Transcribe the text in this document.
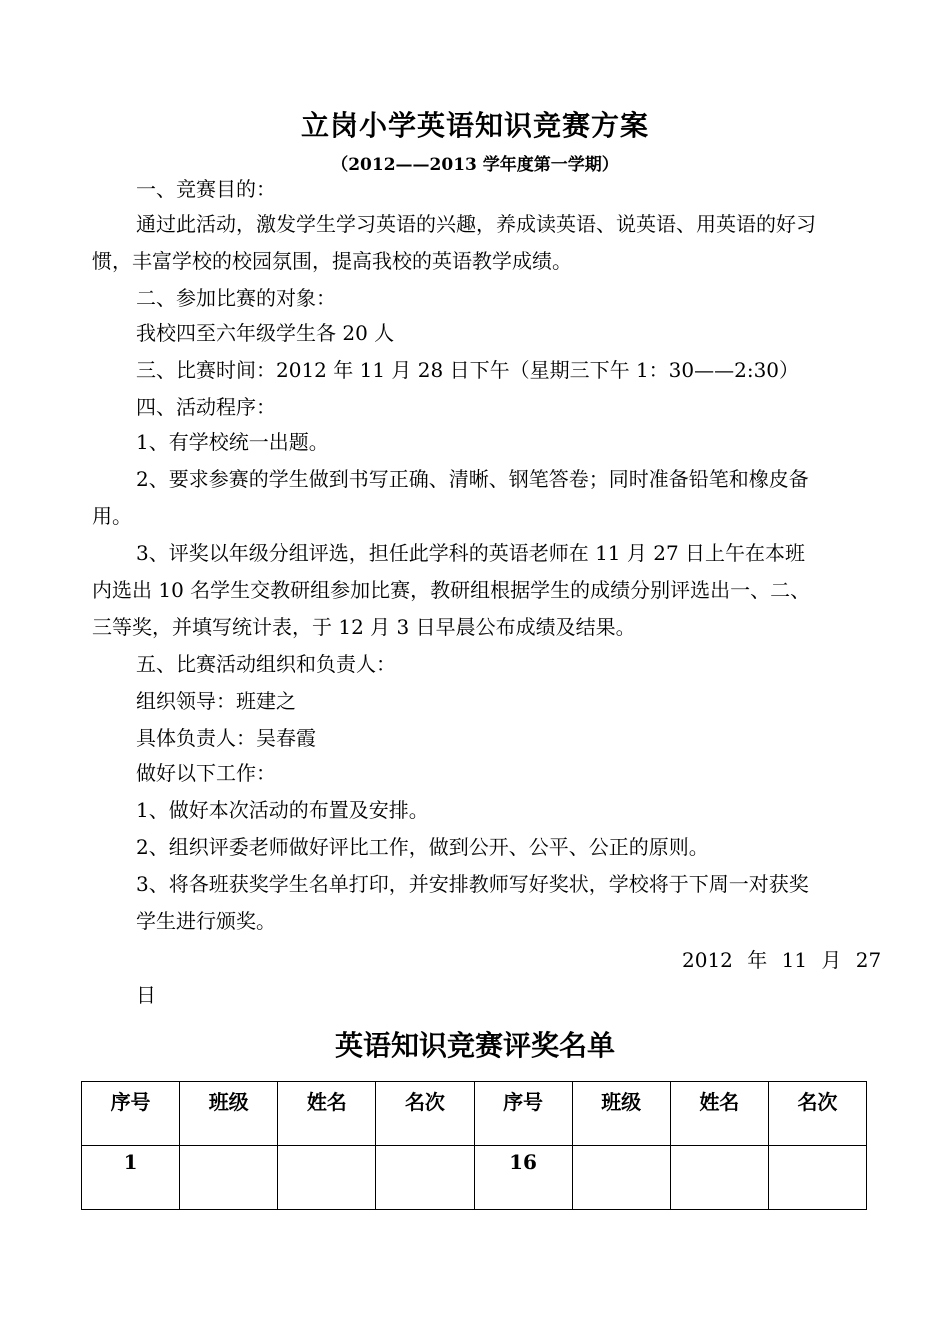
立岗小学英语知识竞赛方案
（2012——2013 学年度第一学期）
一、竞赛目的：
通过此活动，激发学生学习英语的兴趣，养成读英语、说英语、用英语的好习
惯，丰富学校的校园氛围，提高我校的英语教学成绩。
二、参加比赛的对象：
我校四至六年级学生各 20 人
三、比赛时间：2012 年 11 月 28 日下午（星期三下午 1：30——2:30）
四、活动程序：
1、有学校统一出题。
2、要求参赛的学生做到书写正确、清晰、钢笔答卷；同时准备铅笔和橡皮备
用。
3、评奖以年级分组评选，担任此学科的英语老师在 11 月 27 日上午在本班
内选出 10 名学生交教研组参加比赛，教研组根据学生的成绩分别评选出一、二、
三等奖，并填写统计表，于 12 月 3 日早晨公布成绩及结果。
五、比赛活动组织和负责人：
组织领导：班建之
具体负责人：吴春霞
做好以下工作：
1、做好本次活动的布置及安排。
2、组织评委老师做好评比工作，做到公开、公平、公正的原则。
3、将各班获奖学生名单打印，并安排教师写好奖状，学校将于下周一对获奖
学生进行颁奖。
2012 年 11 月 27
日
英语知识竞赛评奖名单
序号	班级	姓名	名次	序号	班级	姓名	名次
1				16			
